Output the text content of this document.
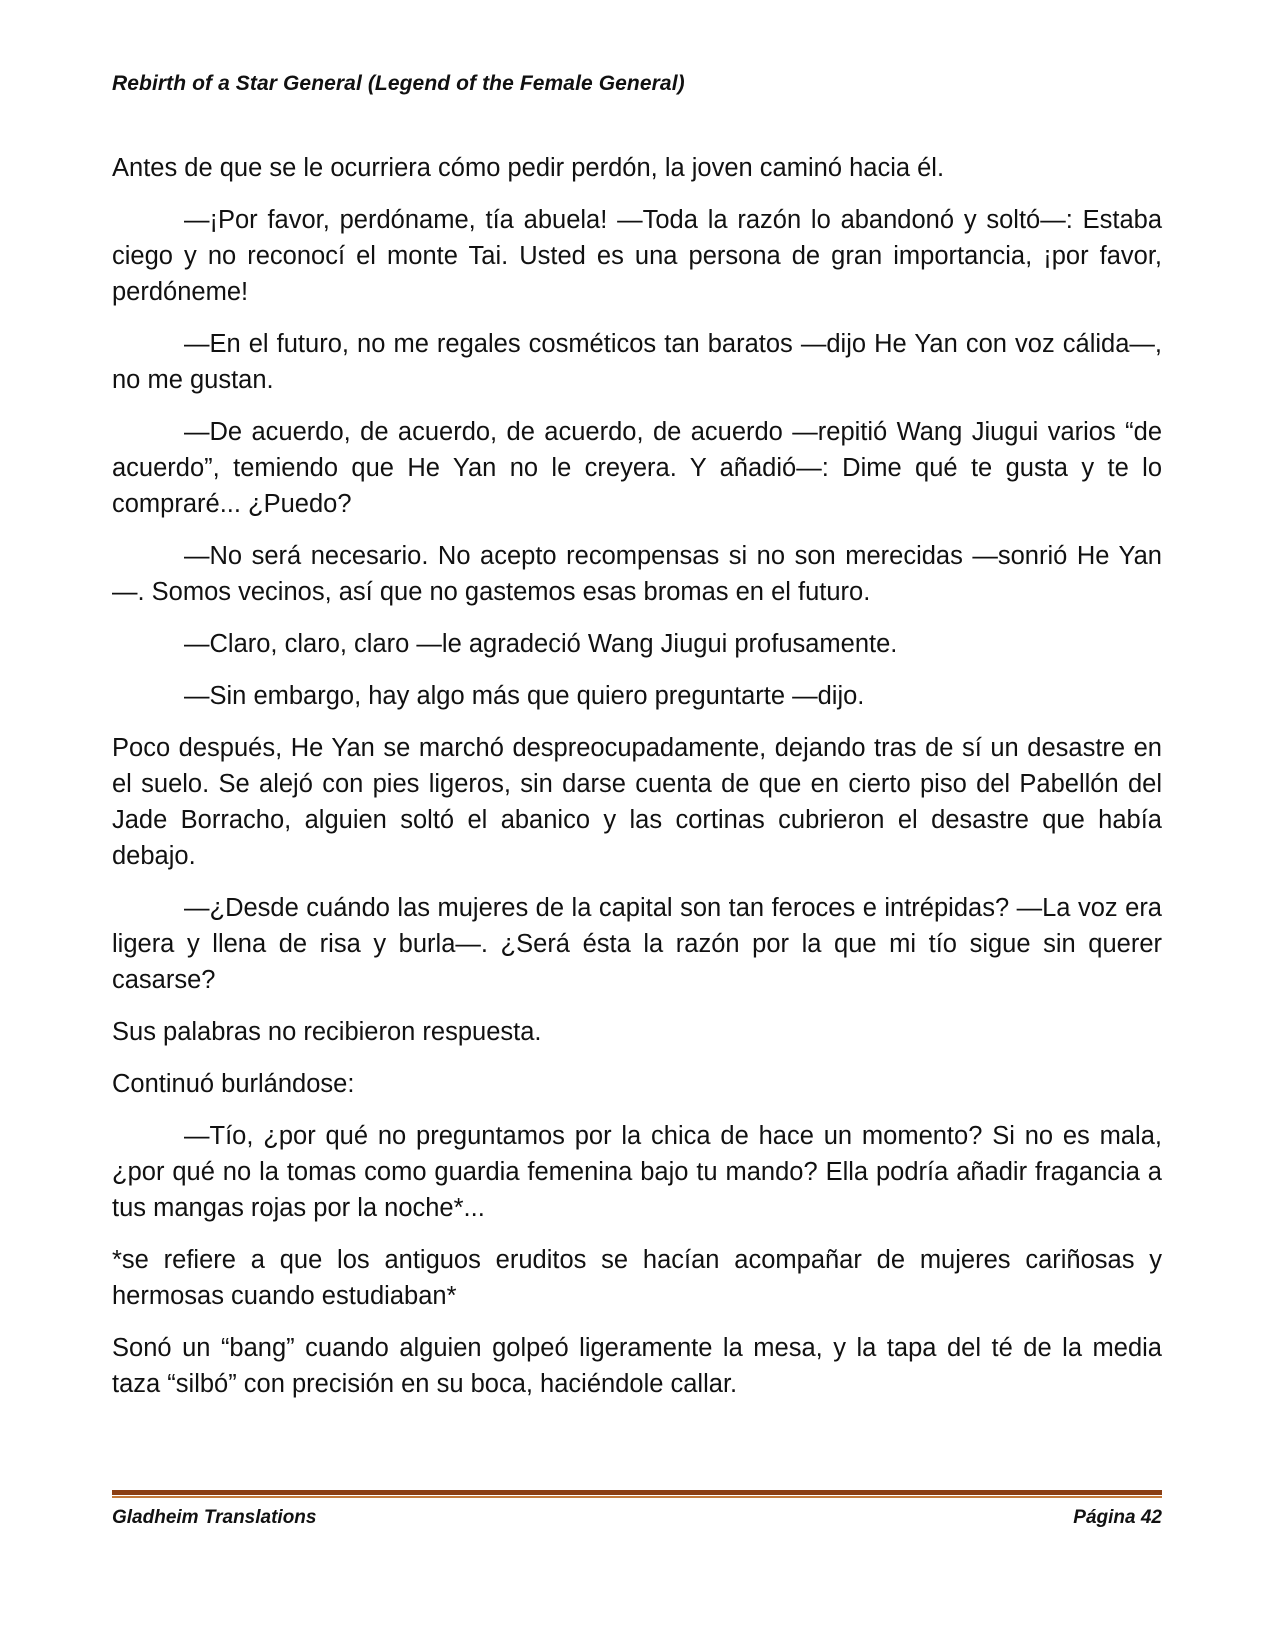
Rebirth of a Star General (Legend of the Female General)

Antes de que se le ocurriera cómo pedir perdón, la joven caminó hacia él.

—¡Por favor, perdóname, tía abuela! —Toda la razón lo abandonó y soltó—: Estaba ciego y no reconocí el monte Tai. Usted es una persona de gran importancia, ¡por favor, perdóneme!

—En el futuro, no me regales cosméticos tan baratos —dijo He Yan con voz cálida—, no me gustan.

—De acuerdo, de acuerdo, de acuerdo, de acuerdo —repitió Wang Jiugui varios “de acuerdo”, temiendo que He Yan no le creyera. Y añadió—: Dime qué te gusta y te lo compraré... ¿Puedo?

—No será necesario. No acepto recompensas si no son merecidas —sonrió He Yan—. Somos vecinos, así que no gastemos esas bromas en el futuro.

—Claro, claro, claro —le agradeció Wang Jiugui profusamente.

—Sin embargo, hay algo más que quiero preguntarte —dijo.

Poco después, He Yan se marchó despreocupadamente, dejando tras de sí un desastre en el suelo. Se alejó con pies ligeros, sin darse cuenta de que en cierto piso del Pabellón del Jade Borracho, alguien soltó el abanico y las cortinas cubrieron el desastre que había debajo.

—¿Desde cuándo las mujeres de la capital son tan feroces e intrépidas? —La voz era ligera y llena de risa y burla—. ¿Será ésta la razón por la que mi tío sigue sin querer casarse?

Sus palabras no recibieron respuesta.

Continuó burlándose:

—Tío, ¿por qué no preguntamos por la chica de hace un momento? Si no es mala, ¿por qué no la tomas como guardia femenina bajo tu mando? Ella podría añadir fragancia a tus mangas rojas por la noche*...

*se refiere a que los antiguos eruditos se hacían acompañar de mujeres cariñosas y hermosas cuando estudiaban*

Sonó un “bang” cuando alguien golpeó ligeramente la mesa, y la tapa del té de la media taza “silbó” con precisión en su boca, haciéndole callar.

Gladheim Translations	Página 42
